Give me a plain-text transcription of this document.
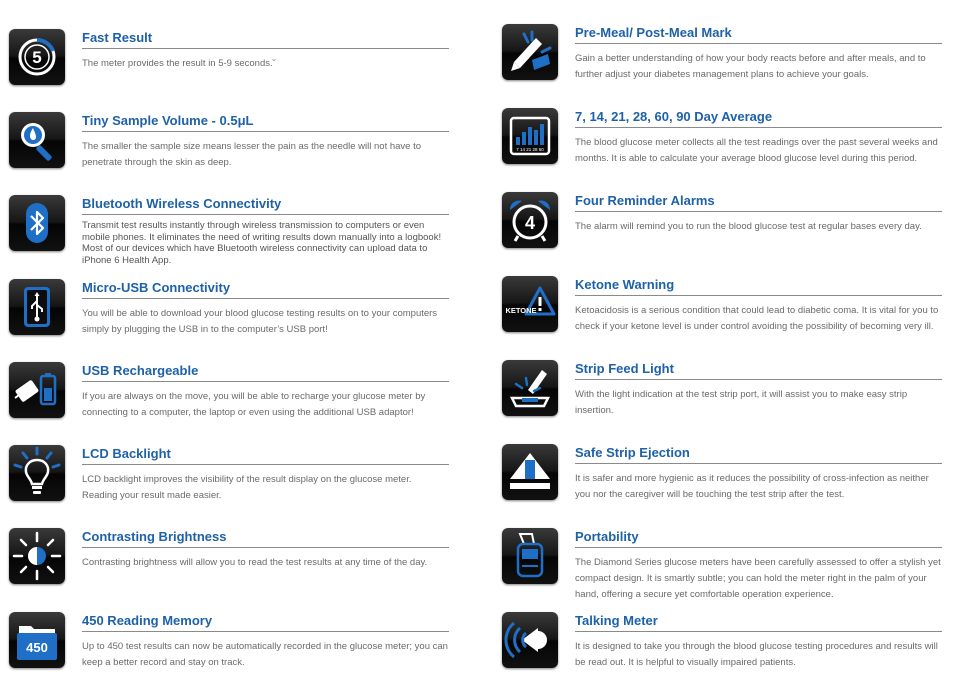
5
Fast Result
The meter provides the result in 5-9 seconds.˘
Tiny Sample Volume - 0.5μL
The smaller the sample size means lesser the pain as the needle will not have to penetrate through the skin as deep.
Bluetooth Wireless Connectivity
Transmit test results instantly through wireless transmission to computers or even mobile phones. It eliminates the need of writing results down manually into a logbook! Most of our devices which have Bluetooth wireless connectivity can upload data to iPhone 6 Health App.
Micro-USB Connectivity
You will be able to download your blood glucose testing results on to your computers simply by plugging the USB in to the computer’s USB port!
USB Rechargeable
If you are always on the move, you will be able to recharge your glucose meter by connecting to a computer, the laptop or even using the additional USB adaptor!
LCD Backlight
LCD backlight improves the visibility of the result display on the glucose meter. Reading your result made easier.
Contrasting Brightness
Contrasting brightness will allow you to read the test results at any time of the day.
450
450 Reading Memory
Up to 450 test results can now be automatically recorded in the glucose meter; you can keep a better record and stay on track.
Pre-Meal/ Post-Meal Mark
Gain a better understanding of how your body reacts before and after meals, and to further adjust your diabetes management plans to achieve your goals.
7 14 21 28 60
7, 14, 21, 28, 60, 90 Day Average
The blood glucose meter collects all the test readings over the past several weeks and months. It is able to calculate your average blood glucose level during this period.
4
Four Reminder Alarms
The alarm will remind you to run the blood glucose test at regular bases every day.
KETONE
Ketone Warning
Ketoacidosis is a serious condition that could lead to diabetic coma. It is vital for you to check if your ketone level is under control avoiding the possibility of becoming very ill.
Strip Feed Light
With the light indication at the test strip port, it will assist you to make easy strip insertion.
Safe Strip Ejection
It is safer and more hygienic as it reduces the possibility of cross-infection as neither you nor the caregiver will be touching the test strip after the test.
Portability
The Diamond Series glucose meters have been carefully assessed to offer a stylish yet compact design. It is smartly subtle; you can hold the meter right in the palm of your hand, offering a secure yet comfortable operation experience.
Talking Meter
It is designed to take you through the blood glucose testing procedures and results will be read out. It is helpful to visually impaired patients.
